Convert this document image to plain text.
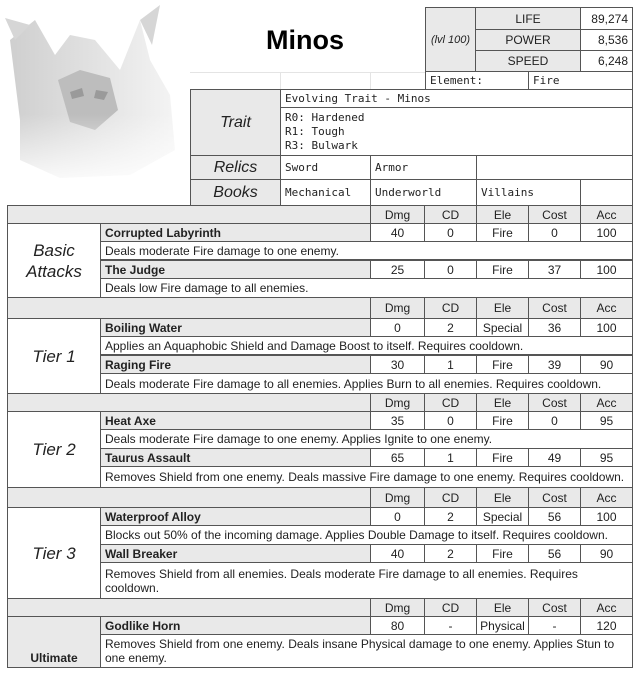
Minos	(lvl 100)
LIFE	89,274
POWER	8,536
SPEED	6,248
Element:	Fire
Trait
Evolving Trait - Minos
R0: Hardened
R1: Tough
R3: Bulwark
Relics	Sword	Armor
Books	Mechanical	Underworld	Villains
Dmg	CD	Ele	Cost	Acc
Basic Attacks
Corrupted Labyrinth	40	0	Fire	0	100
Deals moderate Fire damage to one enemy.
The Judge	25	0	Fire	37	100
Deals low Fire damage to all enemies.
Dmg	CD	Ele	Cost	Acc
Tier 1
Boiling Water	0	2	Special	36	100
Applies an Aquaphobic Shield and Damage Boost to itself. Requires cooldown.
Raging Fire	30	1	Fire	39	90
Deals moderate Fire damage to all enemies. Applies Burn to all enemies. Requires cooldown.
Dmg	CD	Ele	Cost	Acc
Tier 2
Heat Axe	35	0	Fire	0	95
Deals moderate Fire damage to one enemy. Applies Ignite to one enemy.
Taurus Assault	65	1	Fire	49	95
Removes Shield from one enemy. Deals massive Fire damage to one enemy. Requires cooldown.
Dmg	CD	Ele	Cost	Acc
Tier 3
Waterproof Alloy	0	2	Special	56	100
Blocks out 50% of the incoming damage. Applies Double Damage to itself. Requires cooldown.
Wall Breaker	40	2	Fire	56	90
Removes Shield from all enemies. Deals moderate Fire damage to all enemies. Requires cooldown.
Dmg	CD	Ele	Cost	Acc
Ultimate
Godlike Horn	80	-	Physical	-	120
Removes Shield from one enemy. Deals insane Physical damage to one enemy. Applies Stun to one enemy.
